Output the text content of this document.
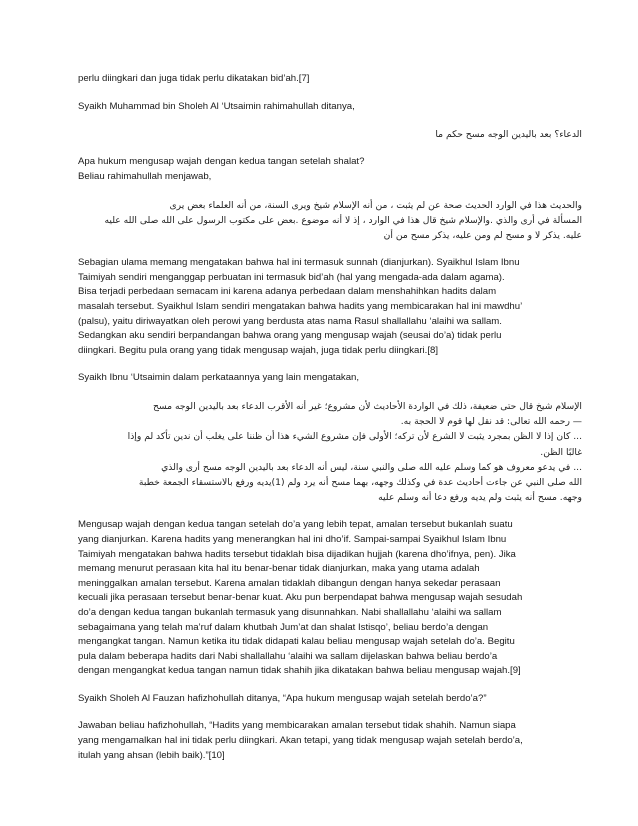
perlu diingkari dan juga tidak perlu dikatakan bid’ah.[7]

Syaikh Muhammad bin Sholeh Al ‘Utsaimin rahimahullah ditanya,

الدعاء؟ بعد باليدين الوجه مسح حكم ما

Apa hukum mengusap wajah dengan kedua tangan setelah shalat?
Beliau rahimahullah menjawab,

والحديث هذا في الوارد الحديث صحة عن لم يثبت ، من أنه الإسلام شيخ ويرى السنة، من أنه العلماء بعض يرى
المسألة في أرى والذي .والإسلام شيخ قال هذا في الوارد ، إذ لا أنه موضوع .بعض على مكتوب الرسول على الله صلى الله عليه
عليه. يذكر لا و مسح لم ومن عليه، يذكر مسح من أن

Sebagian ulama memang mengatakan bahwa hal ini termasuk sunnah (dianjurkan). Syaikhul Islam Ibnu
Taimiyah sendiri menganggap perbuatan ini termasuk bid’ah (hal yang mengada-ada dalam agama).
Bisa terjadi perbedaan semacam ini karena adanya perbedaan dalam menshahihkan hadits dalam
masalah tersebut. Syaikhul Islam sendiri mengatakan bahwa hadits yang membicarakan hal ini mawdhu’
(palsu), yaitu diriwayatkan oleh perowi yang berdusta atas nama Rasul shallallahu ‘alaihi wa sallam.
Sedangkan aku sendiri berpandangan bahwa orang yang mengusap wajah (seusai do’a) tidak perlu
diingkari. Begitu pula orang yang tidak mengusap wajah, juga tidak perlu diingkari.[8]

Syaikh Ibnu ‘Utsaimin dalam perkataannya yang lain mengatakan,

الإسلام شيخ قال حتى ضعيفة، ذلك في الواردة الأحاديث لأن مشروع؛ غير أنه الأقرب الدعاء بعد باليدين الوجه مسح
— رحمه الله تعالى: قد نقل لها قوم لا الحجة به.
... كان إذا لا الظن بمجرد يثبت لا الشرع لأن تركه؛ الأولى فإن مشروع الشيء هذا أن ظننا على يغلب أن ندين تأكد لم وإذا
غالبًا الظن.
... في يدعو معروف هو كما وسلم عليه الله صلى والنبي سنة، ليس أنه الدعاء بعد باليدين الوجه مسح أرى والذي
الله صلى النبي عن جاءت أحاديث عدة في وكذلك وجهه، بهما مسح أنه يرد ولم (1)يديه ورفع بالاستسقاء الجمعة خطبة
وجهه. مسح أنه يثبت ولم يديه ورفع دعا أنه وسلم عليه

Mengusap wajah dengan kedua tangan setelah do’a yang lebih tepat, amalan tersebut bukanlah suatu
yang dianjurkan. Karena hadits yang menerangkan hal ini dho’if. Sampai-sampai Syaikhul Islam Ibnu
Taimiyah mengatakan bahwa hadits tersebut tidaklah bisa dijadikan hujjah (karena dho’ifnya, pen). Jika
memang menurut perasaan kita hal itu benar-benar tidak dianjurkan, maka yang utama adalah
meninggalkan amalan tersebut. Karena amalan tidaklah dibangun dengan hanya sekedar perasaan
kecuali jika perasaan tersebut benar-benar kuat. Aku pun berpendapat bahwa mengusap wajah sesudah
do’a dengan kedua tangan bukanlah termasuk yang disunnahkan. Nabi shallallahu ‘alaihi wa sallam
sebagaimana yang telah ma’ruf dalam khutbah Jum’at dan shalat Istisqo’, beliau berdo’a dengan
mengangkat tangan. Namun ketika itu tidak didapati kalau beliau mengusap wajah setelah do’a. Begitu
pula dalam beberapa hadits dari Nabi shallallahu ‘alaihi wa sallam dijelaskan bahwa beliau berdo’a
dengan mengangkat kedua tangan namun tidak shahih jika dikatakan bahwa beliau mengusap wajah.[9]

Syaikh Sholeh Al Fauzan hafizhohullah ditanya, “Apa hukum mengusap wajah setelah berdo’a?”

Jawaban beliau hafizhohullah, “Hadits yang membicarakan amalan tersebut tidak shahih. Namun siapa
yang mengamalkan hal ini tidak perlu diingkari. Akan tetapi, yang tidak mengusap wajah setelah berdo’a,
itulah yang ahsan (lebih baik).”[10]
